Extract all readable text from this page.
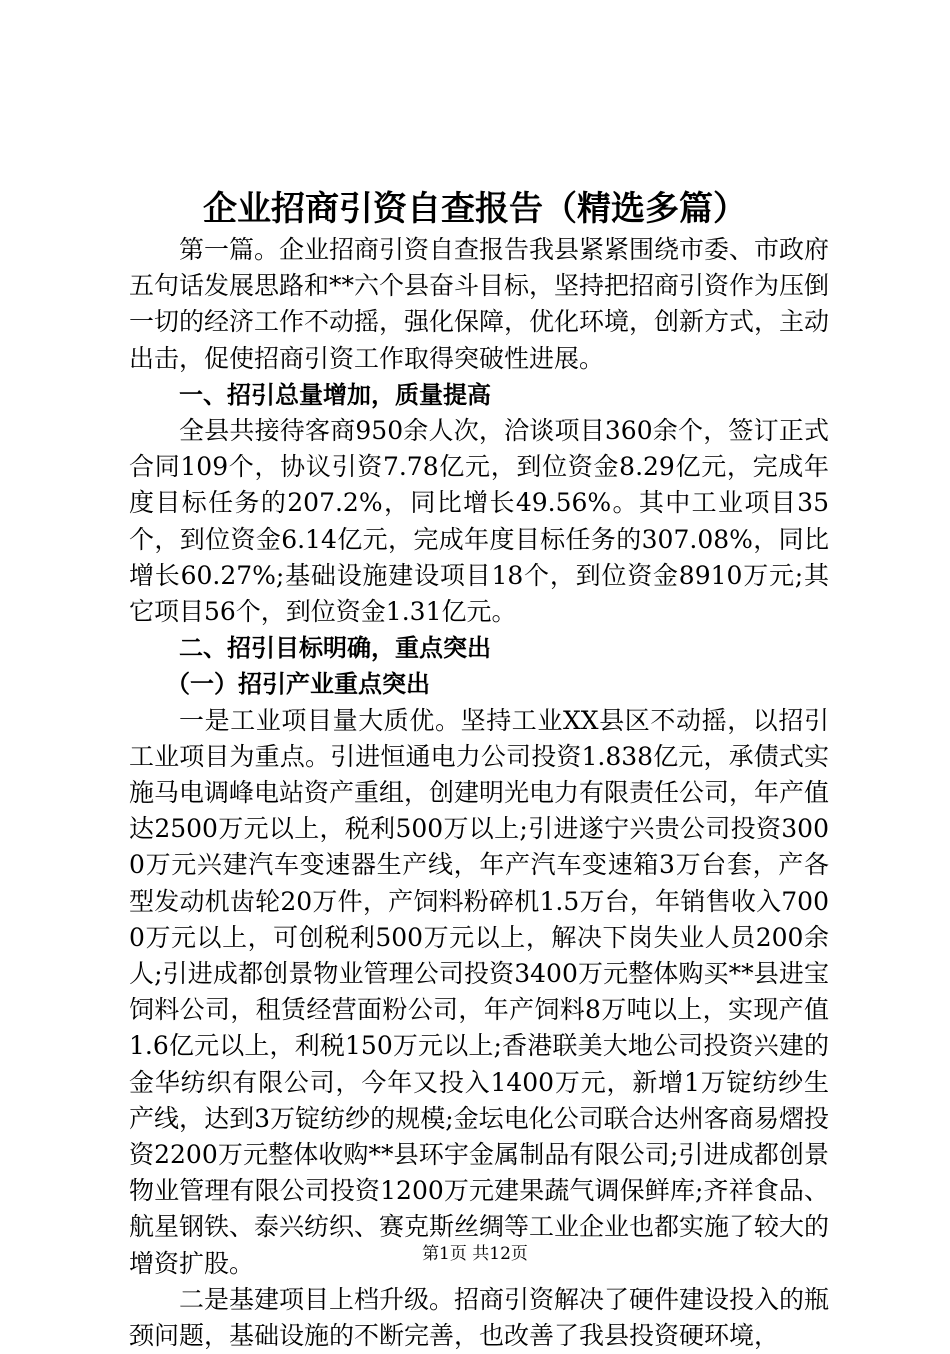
企业招商引资自查报告（精选多篇）

第一篇。企业招商引资自查报告我县紧紧围绕市委、市政府五句话发展思路和**六个县奋斗目标，坚持把招商引资作为压倒一切的经济工作不动摇，强化保障，优化环境，创新方式，主动出击，促使招商引资工作取得突破性进展。

一、招引总量增加，质量提高

全县共接待客商950余人次，洽谈项目360余个，签订正式合同109个，协议引资7.78亿元，到位资金8.29亿元，完成年度目标任务的207.2%，同比增长49.56%。其中工业项目35个，到位资金6.14亿元，完成年度目标任务的307.08%，同比增长60.27%;基础设施建设项目18个，到位资金8910万元;其它项目56个，到位资金1.31亿元。

二、招引目标明确，重点突出

（一）招引产业重点突出

一是工业项目量大质优。坚持工业XX县区不动摇，以招引工业项目为重点。引进恒通电力公司投资1.838亿元，承债式实施马电调峰电站资产重组，创建明光电力有限责任公司，年产值达2500万元以上，税利500万以上;引进遂宁兴贵公司投资3000万元兴建汽车变速器生产线，年产汽车变速箱3万台套，产各型发动机齿轮20万件，产饲料粉碎机1.5万台，年销售收入7000万元以上，可创税利500万元以上，解决下岗失业人员200余人;引进成都创景物业管理公司投资3400万元整体购买**县进宝饲料公司，租赁经营面粉公司，年产饲料8万吨以上，实现产值1.6亿元以上，利税150万元以上;香港联美大地公司投资兴建的金华纺织有限公司，今年又投入1400万元，新增1万锭纺纱生产线，达到3万锭纺纱的规模;金坛电化公司联合达州客商易熠投资2200万元整体收购**县环宇金属制品有限公司;引进成都创景物业管理有限公司投资1200万元建果蔬气调保鲜库;齐祥食品、航星钢铁、泰兴纺织、赛克斯丝绸等工业企业也都实施了较大的增资扩股。

二是基建项目上档升级。招商引资解决了硬件建设投入的瓶颈问题，基础设施的不断完善，也改善了我县投资硬环境，

第1页 共12页
